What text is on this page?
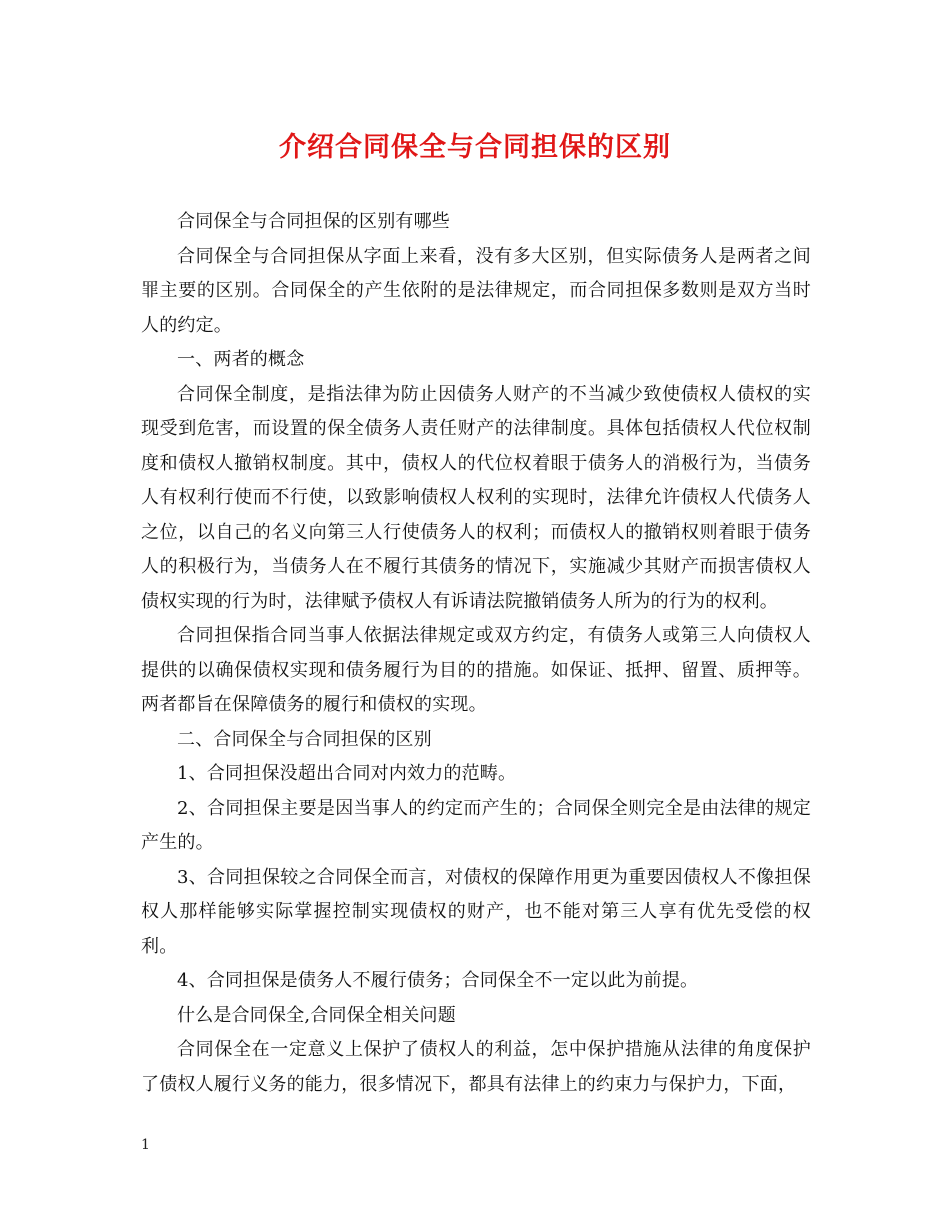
介绍合同保全与合同担保的区别

合同保全与合同担保的区别有哪些

合同保全与合同担保从字面上来看，没有多大区别，但实际债务人是两者之间罪主要的区别。合同保全的产生依附的是法律规定，而合同担保多数则是双方当时人的约定。

一、两者的概念

合同保全制度，是指法律为防止因债务人财产的不当减少致使债权人债权的实现受到危害，而设置的保全债务人责任财产的法律制度。具体包括债权人代位权制度和债权人撤销权制度。其中，债权人的代位权着眼于债务人的消极行为，当债务人有权利行使而不行使，以致影响债权人权利的实现时，法律允许债权人代债务人之位，以自己的名义向第三人行使债务人的权利；而债权人的撤销权则着眼于债务人的积极行为，当债务人在不履行其债务的情况下，实施减少其财产而损害债权人债权实现的行为时，法律赋予债权人有诉请法院撤销债务人所为的行为的权利。

合同担保指合同当事人依据法律规定或双方约定，有债务人或第三人向债权人提供的以确保债权实现和债务履行为目的的措施。如保证、抵押、留置、质押等。两者都旨在保障债务的履行和债权的实现。

二、合同保全与合同担保的区别

1、合同担保没超出合同对内效力的范畴。

2、合同担保主要是因当事人的约定而产生的；合同保全则完全是由法律的规定产生的。

3、合同担保较之合同保全而言，对债权的保障作用更为重要因债权人不像担保权人那样能够实际掌握控制实现债权的财产，也不能对第三人享有优先受偿的权利。

4、合同担保是债务人不履行债务；合同保全不一定以此为前提。

什么是合同保全,合同保全相关问题

合同保全在一定意义上保护了债权人的利益，怎中保护措施从法律的角度保护了债权人履行义务的能力，很多情况下，都具有法律上的约束力与保护力，下面，

1
